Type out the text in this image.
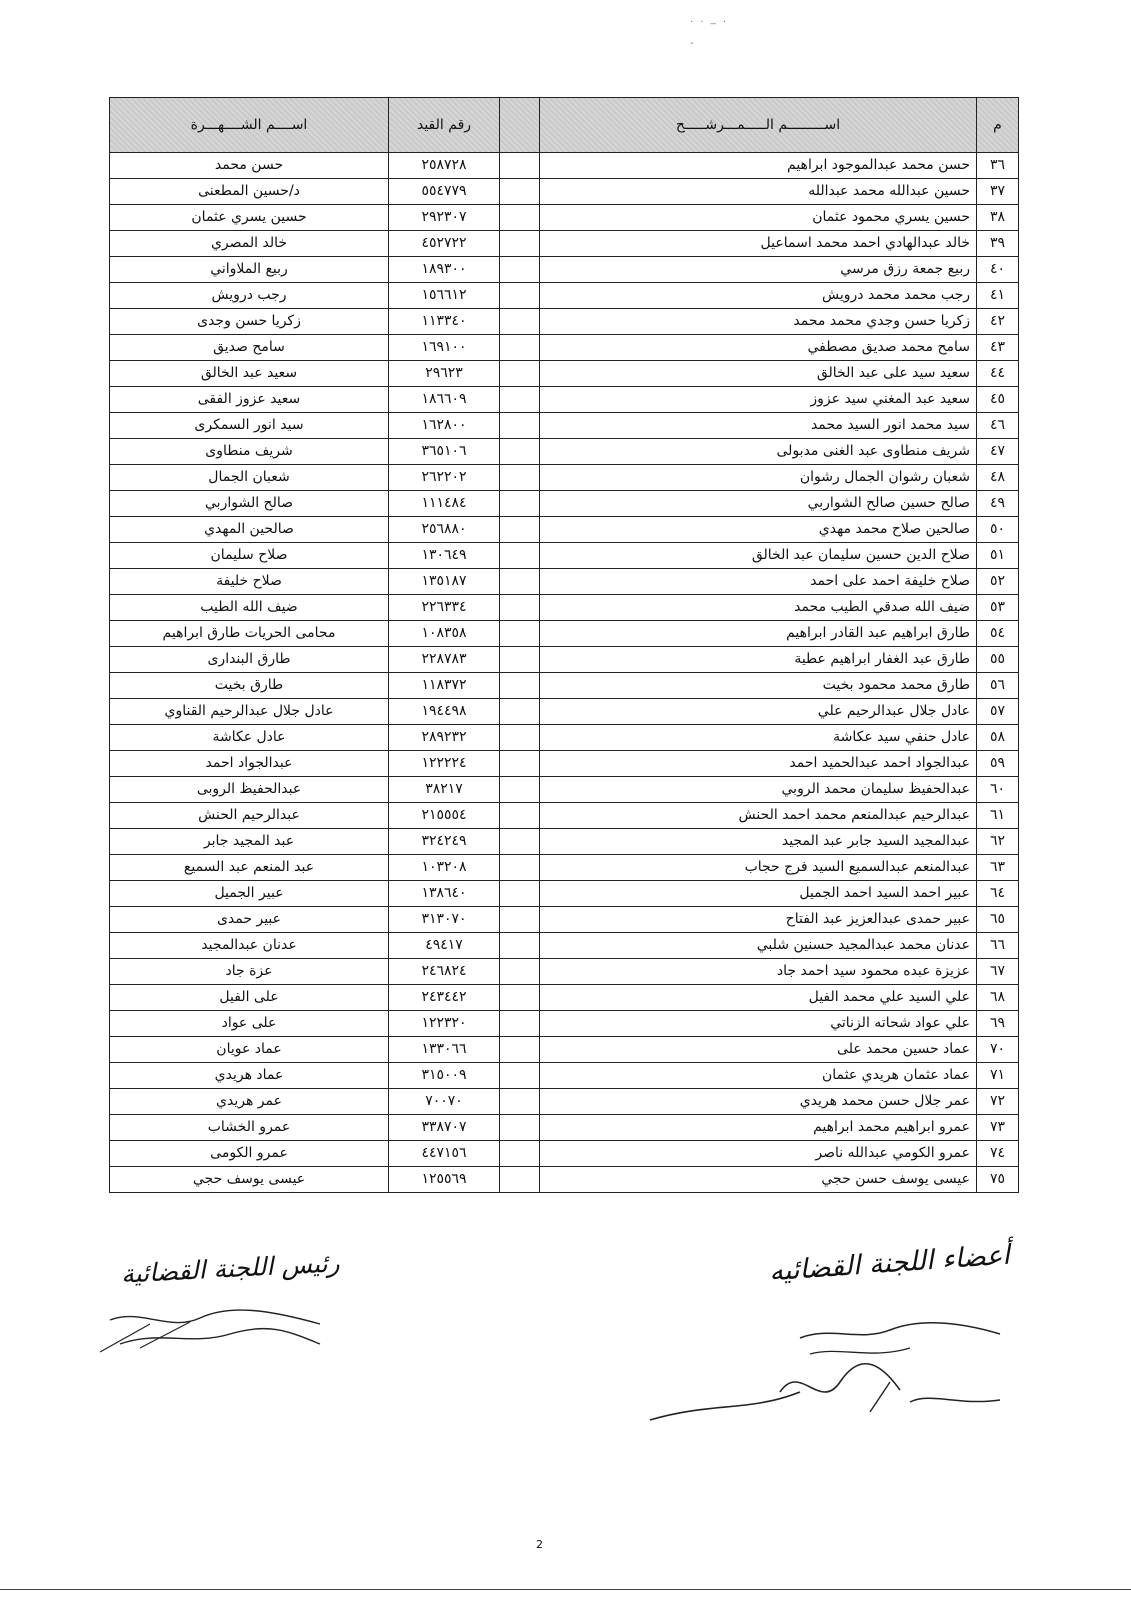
. . _ .
-
م	اســـــــــم الـــــمـــرشـــــح		رقم القيد	اســــم الشــــهـــرة
٣٦	حسن محمد عبدالموجود ابراهيم		٢٥٨٧٢٨	حسن محمد
٣٧	حسين عبدالله محمد عبدالله		٥٥٤٧٧٩	د/حسين المطعنى
٣٨	حسين يسري محمود عثمان		٢٩٢٣٠٧	حسين يسري عثمان
٣٩	خالد عبدالهادي احمد محمد اسماعيل		٤٥٢٧٢٢	خالد المصري
٤٠	ربيع جمعة رزق مرسي		١٨٩٣٠٠	ربيع الملاواني
٤١	رجب محمد محمد درويش		١٥٦٦١٢	رجب درويش
٤٢	زكريا حسن وجدي محمد محمد		١١٣٣٤٠	زكريا حسن وجدى
٤٣	سامح محمد صديق مصطفي		١٦٩١٠٠	سامح صديق
٤٤	سعيد سيد على عبد الخالق		٢٩٦٢٣	سعيد عبد الخالق
٤٥	سعيد عبد المغني سيد عزوز		١٨٦٦٠٩	سعيد عزوز الفقى
٤٦	سيد محمد انور السيد محمد		١٦٢٨٠٠	سيد انور السمكرى
٤٧	شريف منطاوى عبد الغنى مدبولى		٣٦٥١٠٦	شريف منطاوى
٤٨	شعبان رشوان الجمال رشوان		٢٦٢٢٠٢	شعبان الجمال
٤٩	صالح حسين صالح الشواربي		١١١٤٨٤	صالح الشواربي
٥٠	صالحين صلاح محمد مهدي		٢٥٦٨٨٠	صالحين المهدي
٥١	صلاح الدين حسين سليمان عبد الخالق		١٣٠٦٤٩	صلاح سليمان
٥٢	صلاح خليفة احمد على احمد		١٣٥١٨٧	صلاح خليفة
٥٣	ضيف الله صدقي الطيب محمد		٢٢٦٣٣٤	ضيف الله الطيب
٥٤	طارق ابراهيم عبد القادر ابراهيم		١٠٨٣٥٨	محامى الحريات طارق ابراهيم
٥٥	طارق عبد الغفار ابراهيم عطية		٢٢٨٧٨٣	طارق البندارى
٥٦	طارق محمد محمود بخيت		١١٨٣٧٢	طارق بخيت
٥٧	عادل جلال عبدالرحيم علي		١٩٤٤٩٨	عادل جلال عبدالرحيم القناوي
٥٨	عادل حنفي سيد عكاشة		٢٨٩٢٣٢	عادل عكاشة
٥٩	عبدالجواد احمد عبدالحميد احمد		١٢٢٢٢٤	عبدالجواد احمد
٦٠	عبدالحفيظ سليمان محمد الروبي		٣٨٢١٧	عبدالحفيظ الروبى
٦١	عبدالرحيم عبدالمنعم محمد احمد الحنش		٢١٥٥٥٤	عبدالرحيم الحنش
٦٢	عبدالمجيد السيد جابر عبد المجيد		٣٢٤٢٤٩	عبد المجيد جابر
٦٣	عبدالمنعم عبدالسميع السيد فرج حجاب		١٠٣٢٠٨	عبد المنعم عبد السميع
٦٤	عبير احمد السيد احمد الجميل		١٣٨٦٤٠	عبير الجميل
٦٥	عبير حمدى عبدالعزيز عبد الفتاح		٣١٣٠٧٠	عبير حمدى
٦٦	عدنان محمد عبدالمجيد حسنين شلبي		٤٩٤١٧	عدنان عبدالمجيد
٦٧	عزيزة عبده محمود سيد احمد جاد		٢٤٦٨٢٤	عزة جاد
٦٨	علي السيد علي محمد الفيل		٢٤٣٤٤٢	على الفيل
٦٩	علي عواد شحاته الزناتي		١٢٢٣٢٠	على عواد
٧٠	عماد حسين محمد على		١٣٣٠٦٦	عماد عويان
٧١	عماد عثمان هريدي عثمان		٣١٥٠٠٩	عماد هريدي
٧٢	عمر جلال حسن محمد هريدي		٧٠٠٧٠	عمر هريدي
٧٣	عمرو ابراهيم محمد ابراهيم		٣٣٨٧٠٧	عمرو الخشاب
٧٤	عمرو الكومي عبدالله ناصر		٤٤٧١٥٦	عمرو الكومى
٧٥	عيسى يوسف حسن حجي		١٢٥٥٦٩	عيسى يوسف حجي
رئيس اللجنة القضائية	أعضاء اللجنة القضائيه
2
